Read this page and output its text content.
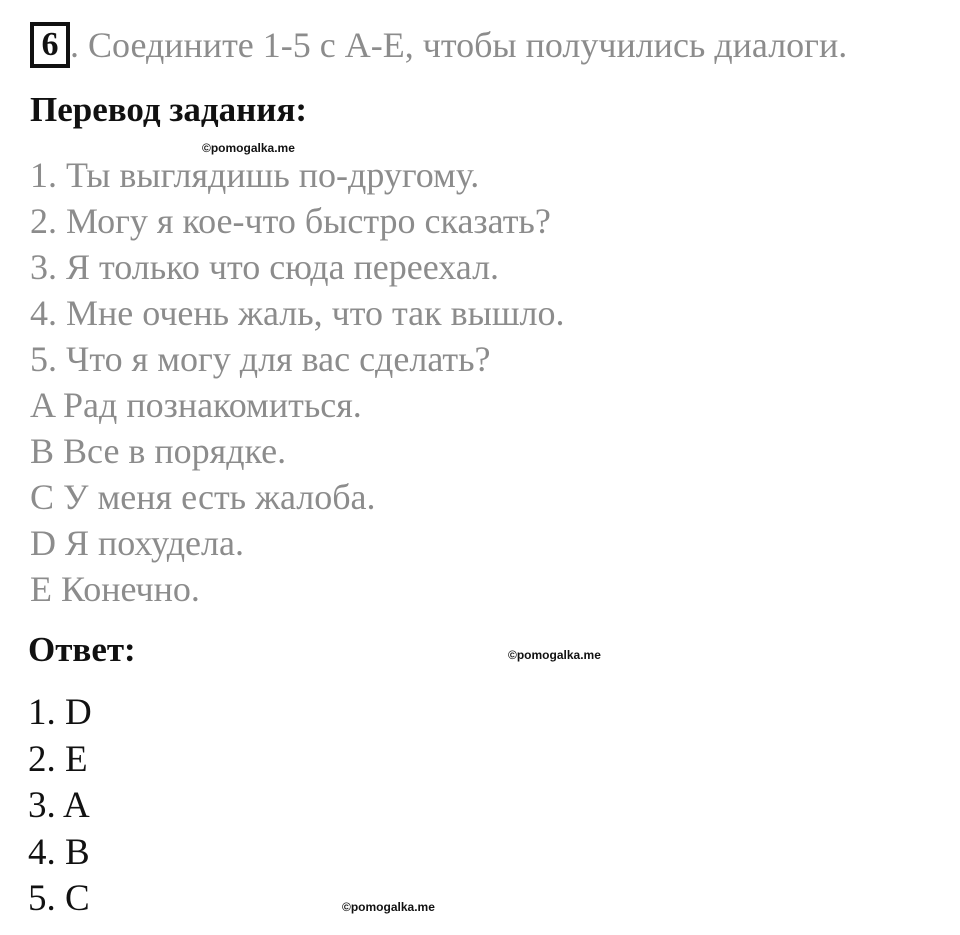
6 . Соедините 1-5 с A-E, чтобы получились диалоги.
Перевод задания:
©pomogalka.me
1. Ты выглядишь по-другому.
2. Могу я кое-что быстро сказать?
3. Я только что сюда переехал.
4. Мне очень жаль, что так вышло.
5. Что я могу для вас сделать?
A Рад познакомиться.
B Все в порядке.
C У меня есть жалоба.
D Я похудела.
E Конечно.
Ответ:	©pomogalka.me
1. D
2. E
3. A
4. B
5. C	©pomogalka.me
